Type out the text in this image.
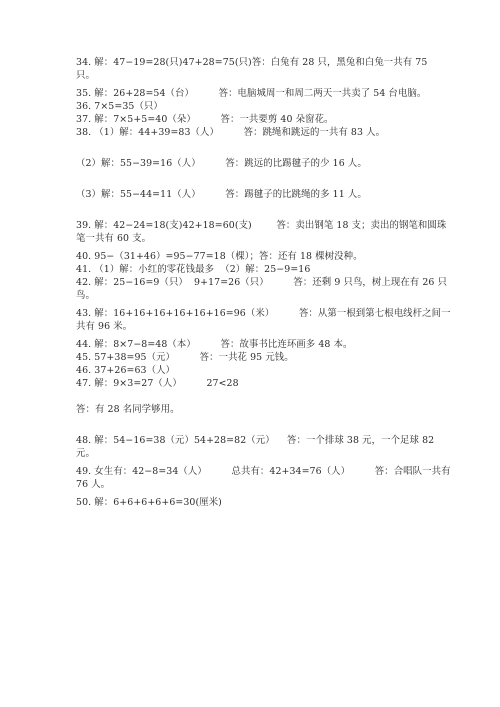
34. 解：47−19=28(只)47+28=75(只)答：白兔有 28 只，黑兔和白兔一共有 75

只。

35. 解：26+28=54（台）        答：电脑城周一和周二两天一共卖了 54 台电脑。

36. 7×5=35（只）

37. 解：7×5+5=40（朵）        答：一共要剪 40 朵窗花。

38. （1）解：44+39=83（人）        答：跳绳和跳远的一共有 83 人。

（2）解：55−39=16（人）        答：跳远的比踢毽子的少 16 人。

（3）解：55−44=11（人）        答：踢毽子的比跳绳的多 11 人。

39. 解：42−24=18(支)42+18=60(支)        答：卖出钢笔 18 支；卖出的钢笔和圆珠

笔一共有 60 支。

40. 95−（31+46）=95−77=18（棵）；答：还有 18 棵树没种。

41. （1）解：小红的零花钱最多  （2）解：25−9=16

42. 解：25−16=9（只）  9+17=26（只）        答：还剩 9 只鸟，树上现在有 26 只

鸟。

43. 解：16+16+16+16+16+16=96（米）        答：从第一根到第七根电线杆之间一

共有 96 米。

44. 解：8×7−8=48（本）        答：故事书比连环画多 48 本。

45. 57+38=95（元）        答：一共花 95 元钱。

46. 37+26=63（人）

47. 解：9×3=27（人）        27<28

答：有 28 名同学够用。

48. 解：54−16=38（元）54+28=82（元）    答：一个排球 38 元，一个足球 82

元。

49. 女生有：42−8=34（人）        总共有：42+34=76（人）        答：合唱队一共有

76 人。

50. 解：6+6+6+6+6=30(厘米)
